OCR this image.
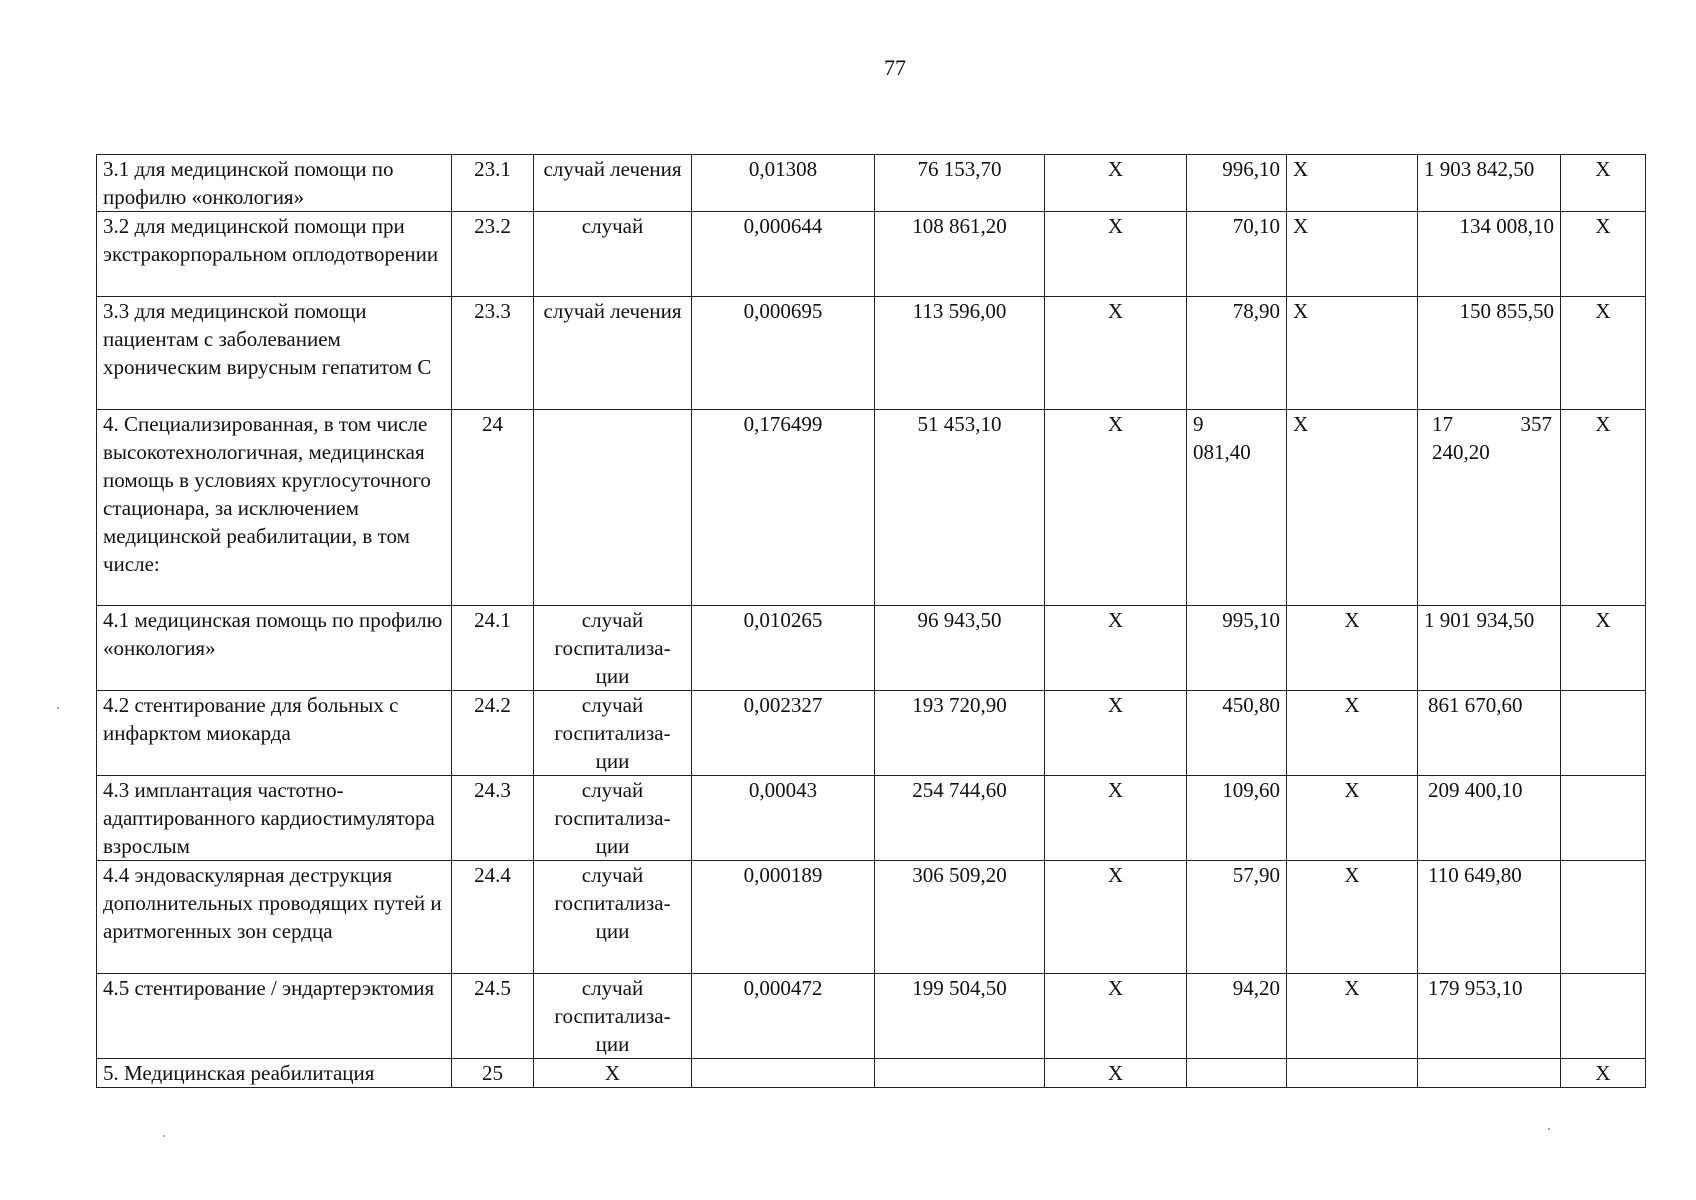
77
3.1 для медицинской помощи по профилю «онкология»	23.1	случай лечения	0,01308	76 153,70	X	996,10	X	1 903 842,50	X
3.2 для медицинской помощи при экстракорпоральном оплодотворении	23.2	случай	0,000644	108 861,20	X	70,10	X	134 008,10	X
3.3 для медицинской помощи пациентам с заболеванием хроническим вирусным гепатитом С	23.3	случай лечения	0,000695	113 596,00	X	78,90	X	150 855,50	X
4. Специализированная, в том числе высокотехнологичная, медицинская помощь в условиях круглосуточного стационара, за исключением медицинской реабилитации, в том числе:	24		0,176499	51 453,10	X	9 081,40	X	17 357 240,20	X
4.1 медицинская помощь по профилю «онкология»	24.1	случай госпитализа-ции	0,010265	96 943,50	X	995,10	X	1 901 934,50	X
4.2 стентирование для больных с инфарктом миокарда	24.2	случай госпитализа-ции	0,002327	193 720,90	X	450,80	X	861 670,60	
4.3 имплантация частотно-адаптированного кардиостимулятора взрослым	24.3	случай госпитализа-ции	0,00043	254 744,60	X	109,60	X	209 400,10	
4.4 эндоваскулярная деструкция дополнительных проводящих путей и аритмогенных зон сердца	24.4	случай госпитализа-ции	0,000189	306 509,20	X	57,90	X	110 649,80	
4.5 стентирование / эндартерэктомия	24.5	случай госпитализа-ции	0,000472	199 504,50	X	94,20	X	179 953,10	
5. Медицинская реабилитация	25	X			X				X
